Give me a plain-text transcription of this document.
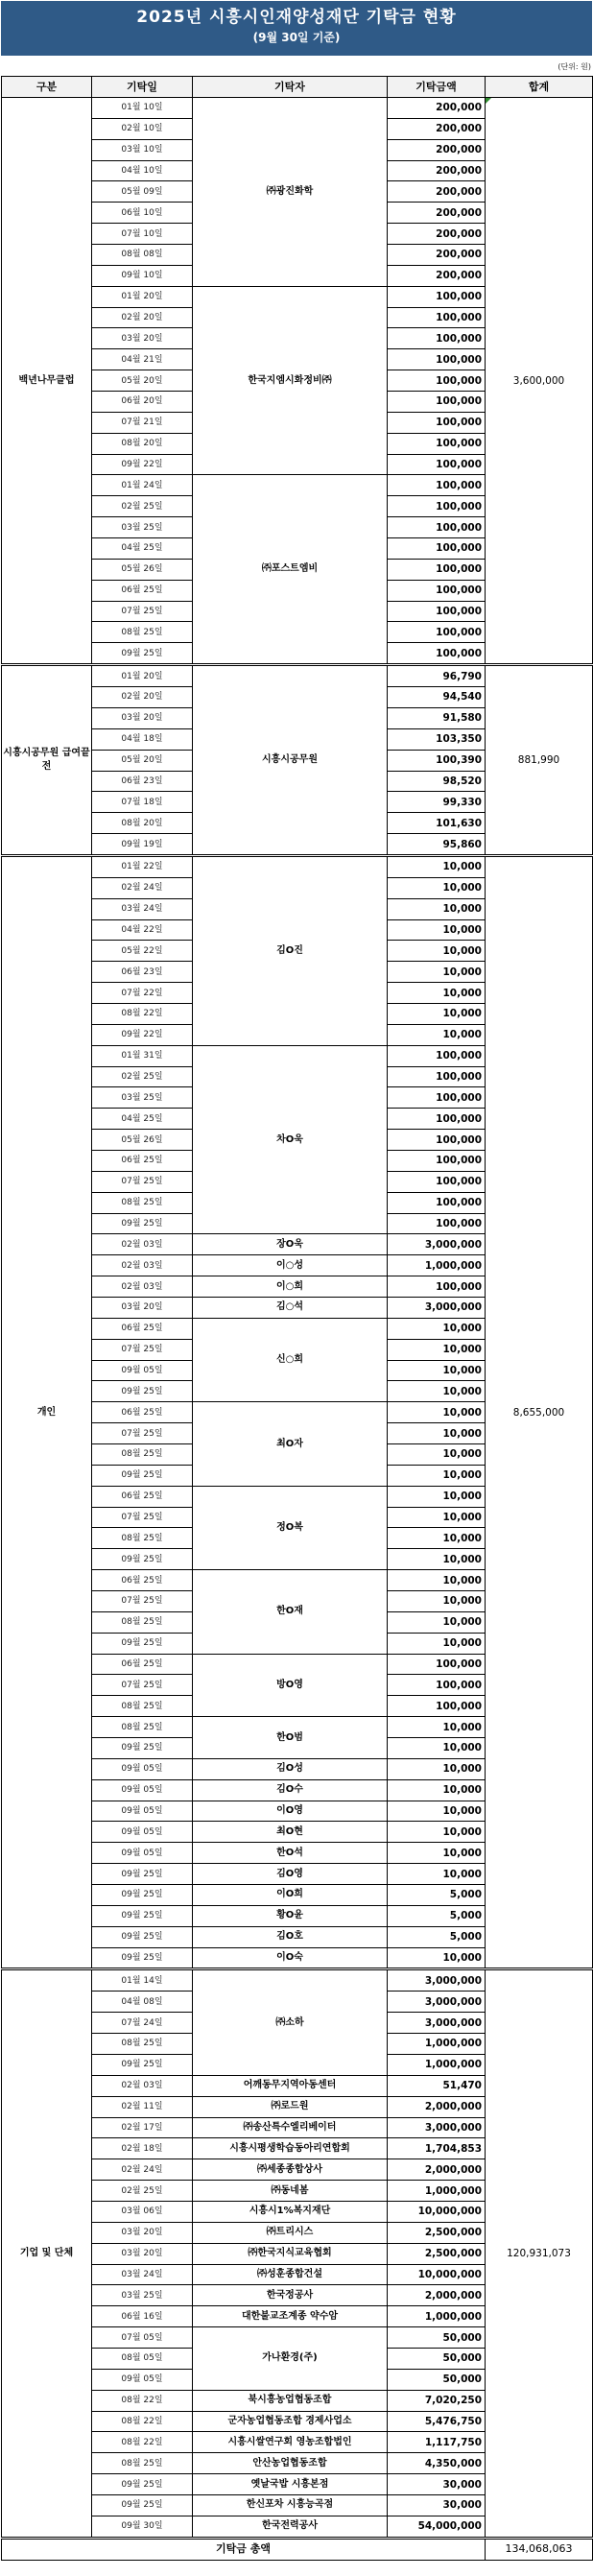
2025년 시흥시인재양성재단 기탁금 현황
(9월 30일 기준)
(단위: 원)
구분	기탁일	기탁자	기탁금액	합계
백년나무클럽	01월 10일	㈜광진화학	200,000	3,600,000

	02월 10일		200,000	
	03월 10일		200,000	
	04월 10일		200,000	
	05월 09일		200,000	
	06월 10일		200,000	
	07월 10일		200,000	
	08월 08일		200,000	
	09월 10일		200,000	
	01월 20일	한국지엠시화정비㈜	100,000	
	02월 20일		100,000	
	03월 20일		100,000	
	04월 21일		100,000	
	05월 20일		100,000	
	06월 20일		100,000	
	07월 21일		100,000	
	08월 20일		100,000	
	09월 22일		100,000	
	01월 24일	㈜포스트엠비	100,000	
	02월 25일		100,000	
	03월 25일		100,000	
	04월 25일		100,000	
	05월 26일		100,000	
	06월 25일		100,000	
	07월 25일		100,000	
	08월 25일		100,000	
	09월 25일		100,000	
시흥시공무원 급여끝전	01월 20일	시흥시공무원	96,790	881,990
	02월 20일		94,540	
	03월 20일		91,580	
	04월 18일		103,350	
	05월 20일		100,390	
	06월 23일		98,520	
	07월 18일		99,330	
	08월 20일		101,630	
	09월 19일		95,860	
개인	01월 22일	김O진	10,000	8,655,000
	02월 24일		10,000	
	03월 24일		10,000	
	04월 22일		10,000	
	05월 22일		10,000	
	06월 23일		10,000	
	07월 22일		10,000	
	08월 22일		10,000	
	09월 22일		10,000	
	01월 31일	차O욱	100,000	
	02월 25일		100,000	
	03월 25일		100,000	
	04월 25일		100,000	
	05월 26일		100,000	
	06월 25일		100,000	
	07월 25일		100,000	
	08월 25일		100,000	
	09월 25일		100,000	
	02월 03일	장O욱	3,000,000	
	02월 03일	이○성	1,000,000	
	02월 03일	이○희	100,000	
	03월 20일	김○석	3,000,000	
	06월 25일	신○희	10,000	
	07월 25일		10,000	
	09월 05일		10,000	
	09월 25일		10,000	
	06월 25일	최O자	10,000	
	07월 25일		10,000	
	08월 25일		10,000	
	09월 25일		10,000	
	06월 25일	정O복	10,000	
	07월 25일		10,000	
	08월 25일		10,000	
	09월 25일		10,000	
	06월 25일	한O재	10,000	
	07월 25일		10,000	
	08월 25일		10,000	
	09월 25일		10,000	
	06월 25일	방O영	100,000	
	07월 25일		100,000	
	08월 25일		100,000	
	08월 25일	한O범	10,000	
	09월 25일		10,000	
	09월 05일	김O성	10,000	
	09월 05일	김O수	10,000	
	09월 05일	이O영	10,000	
	09월 05일	최O현	10,000	
	09월 05일	한O석	10,000	
	09월 25일	김O영	10,000	
	09월 25일	이O희	5,000	
	09월 25일	황O윤	5,000	
	09월 25일	김O호	5,000	
	09월 25일	이O숙	10,000	
기업 및 단체	01월 14일	㈜소하	3,000,000	120,931,073
	04월 08일		3,000,000	
	07월 24일		3,000,000	
	08월 25일		1,000,000	
	09월 25일		1,000,000	
	02월 03일	어깨동무지역아동센터	51,470	
	02월 11일	㈜로드원	2,000,000	
	02월 17일	㈜송산특수엘리베이터	3,000,000	
	02월 18일	시흥시평생학습동아리연합회	1,704,853	
	02월 24일	㈜세종종합상사	2,000,000	
	02월 25일	㈜동네봄	1,000,000	
	03월 06일	시흥시1%복지재단	10,000,000	
	03월 20일	㈜트리시스	2,500,000	
	03월 20일	㈜한국지식교육협회	2,500,000	
	03월 24일	㈜성훈종합건설	10,000,000	
	03월 25일	한국정공사	2,000,000	
	06월 16일	대한불교조계종 약수암	1,000,000	
	07월 05일	가나환경(주)	50,000	
	08월 05일		50,000	
	09월 05일		50,000	
	08월 22일	북시흥농업협동조합	7,020,250	
	08월 22일	군자농업협동조합 경제사업소	5,476,750	
	08월 22일	시흥시쌀연구회 영농조합법인	1,117,750	
	08월 25일	안산농업협동조합	4,350,000	
	09월 25일	옛날국밥 시흥본점	30,000	
	09월 25일	한신포차 시흥능곡점	30,000	
	09월 30일	한국전력공사	54,000,000	
기탁금 총액				134,068,063
